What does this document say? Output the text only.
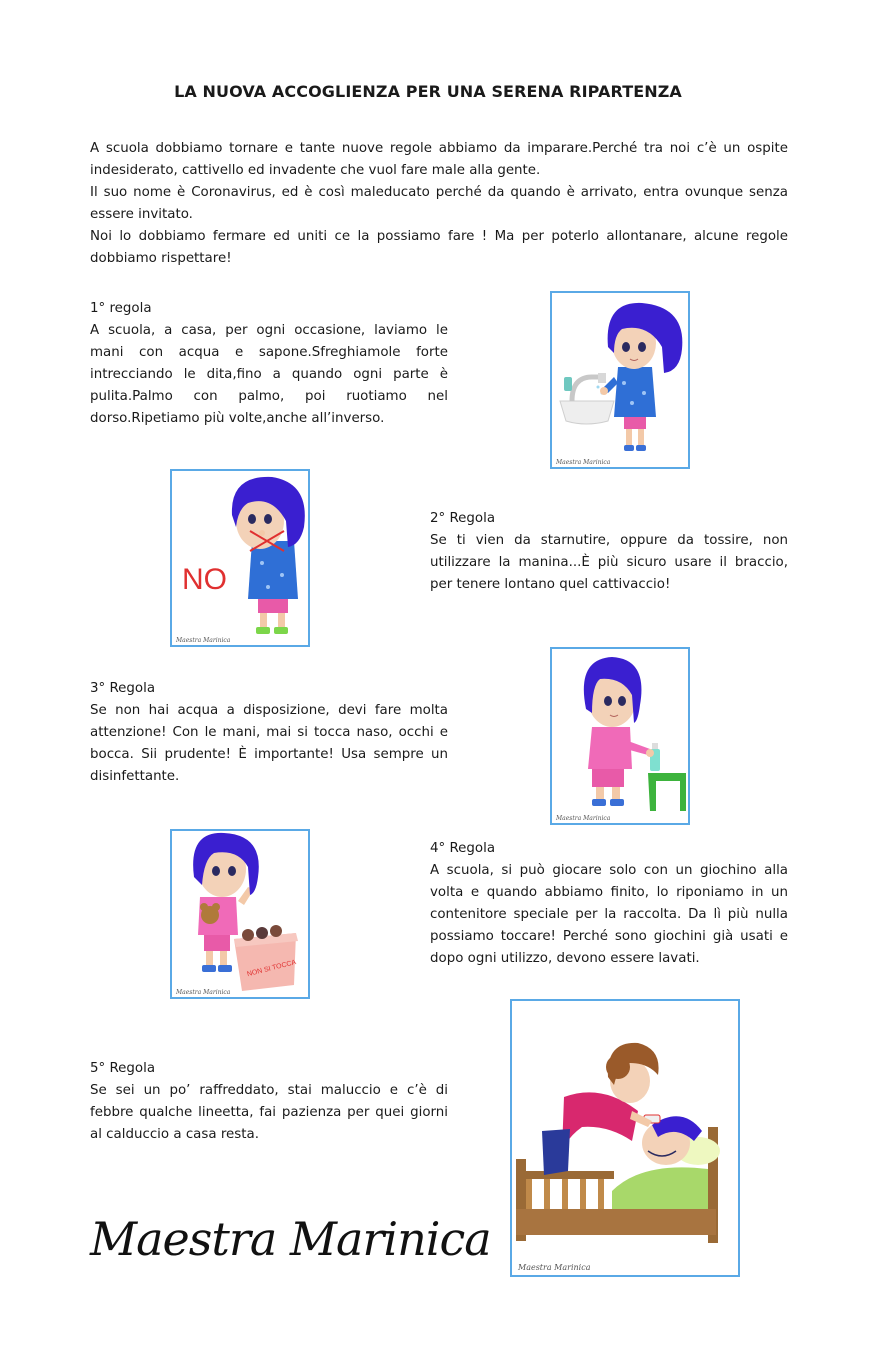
LA NUOVA ACCOGLIENZA PER UNA SERENA RIPARTENZA

A scuola dobbiamo tornare e tante nuove regole abbiamo da imparare.Perché tra noi c’è un ospite indesiderato, cattivello ed invadente che vuol fare male alla gente.

Il suo nome è Coronavirus, ed è così maleducato perché da quando è arrivato, entra ovunque senza essere invitato.

Noi lo dobbiamo fermare ed uniti ce la possiamo fare ! Ma per poterlo allontanare, alcune regole dobbiamo rispettare!

1° regola
A scuola, a casa, per ogni occasione, laviamo le mani con acqua e sapone.Sfreghiamole forte intrecciando le dita,fino a quando ogni parte è pulita.Palmo con palmo, poi ruotiamo nel dorso.Ripetiamo più volte,anche all’inverso.
2° Regola
Se ti vien da starnutire, oppure da tossire, non utilizzare la manina...È più sicuro usare il braccio, per tenere lontano quel cattivaccio!
3° Regola
Se non hai acqua a disposizione, devi fare molta attenzione! Con le mani, mai si tocca naso, occhi e bocca. Sii prudente! È importante! Usa sempre un disinfettante.
4° Regola
A scuola, si può giocare solo con un giochino alla volta e quando abbiamo finito, lo riponiamo in un contenitore speciale per la raccolta. Da lì più nulla possiamo toccare! Perché sono giochini già usati e dopo ogni utilizzo, devono essere lavati.
5° Regola
Se sei un po’ raffreddato, stai maluccio e c’è di febbre qualche lineetta, fai pazienza per quei giorni al calduccio a casa resta.
Maestra Marinica
NO
Maestra Marinica
Maestra Marinica
NON SI TOCCA
Maestra Marinica
Maestra Marinica
Maestra Marinica
